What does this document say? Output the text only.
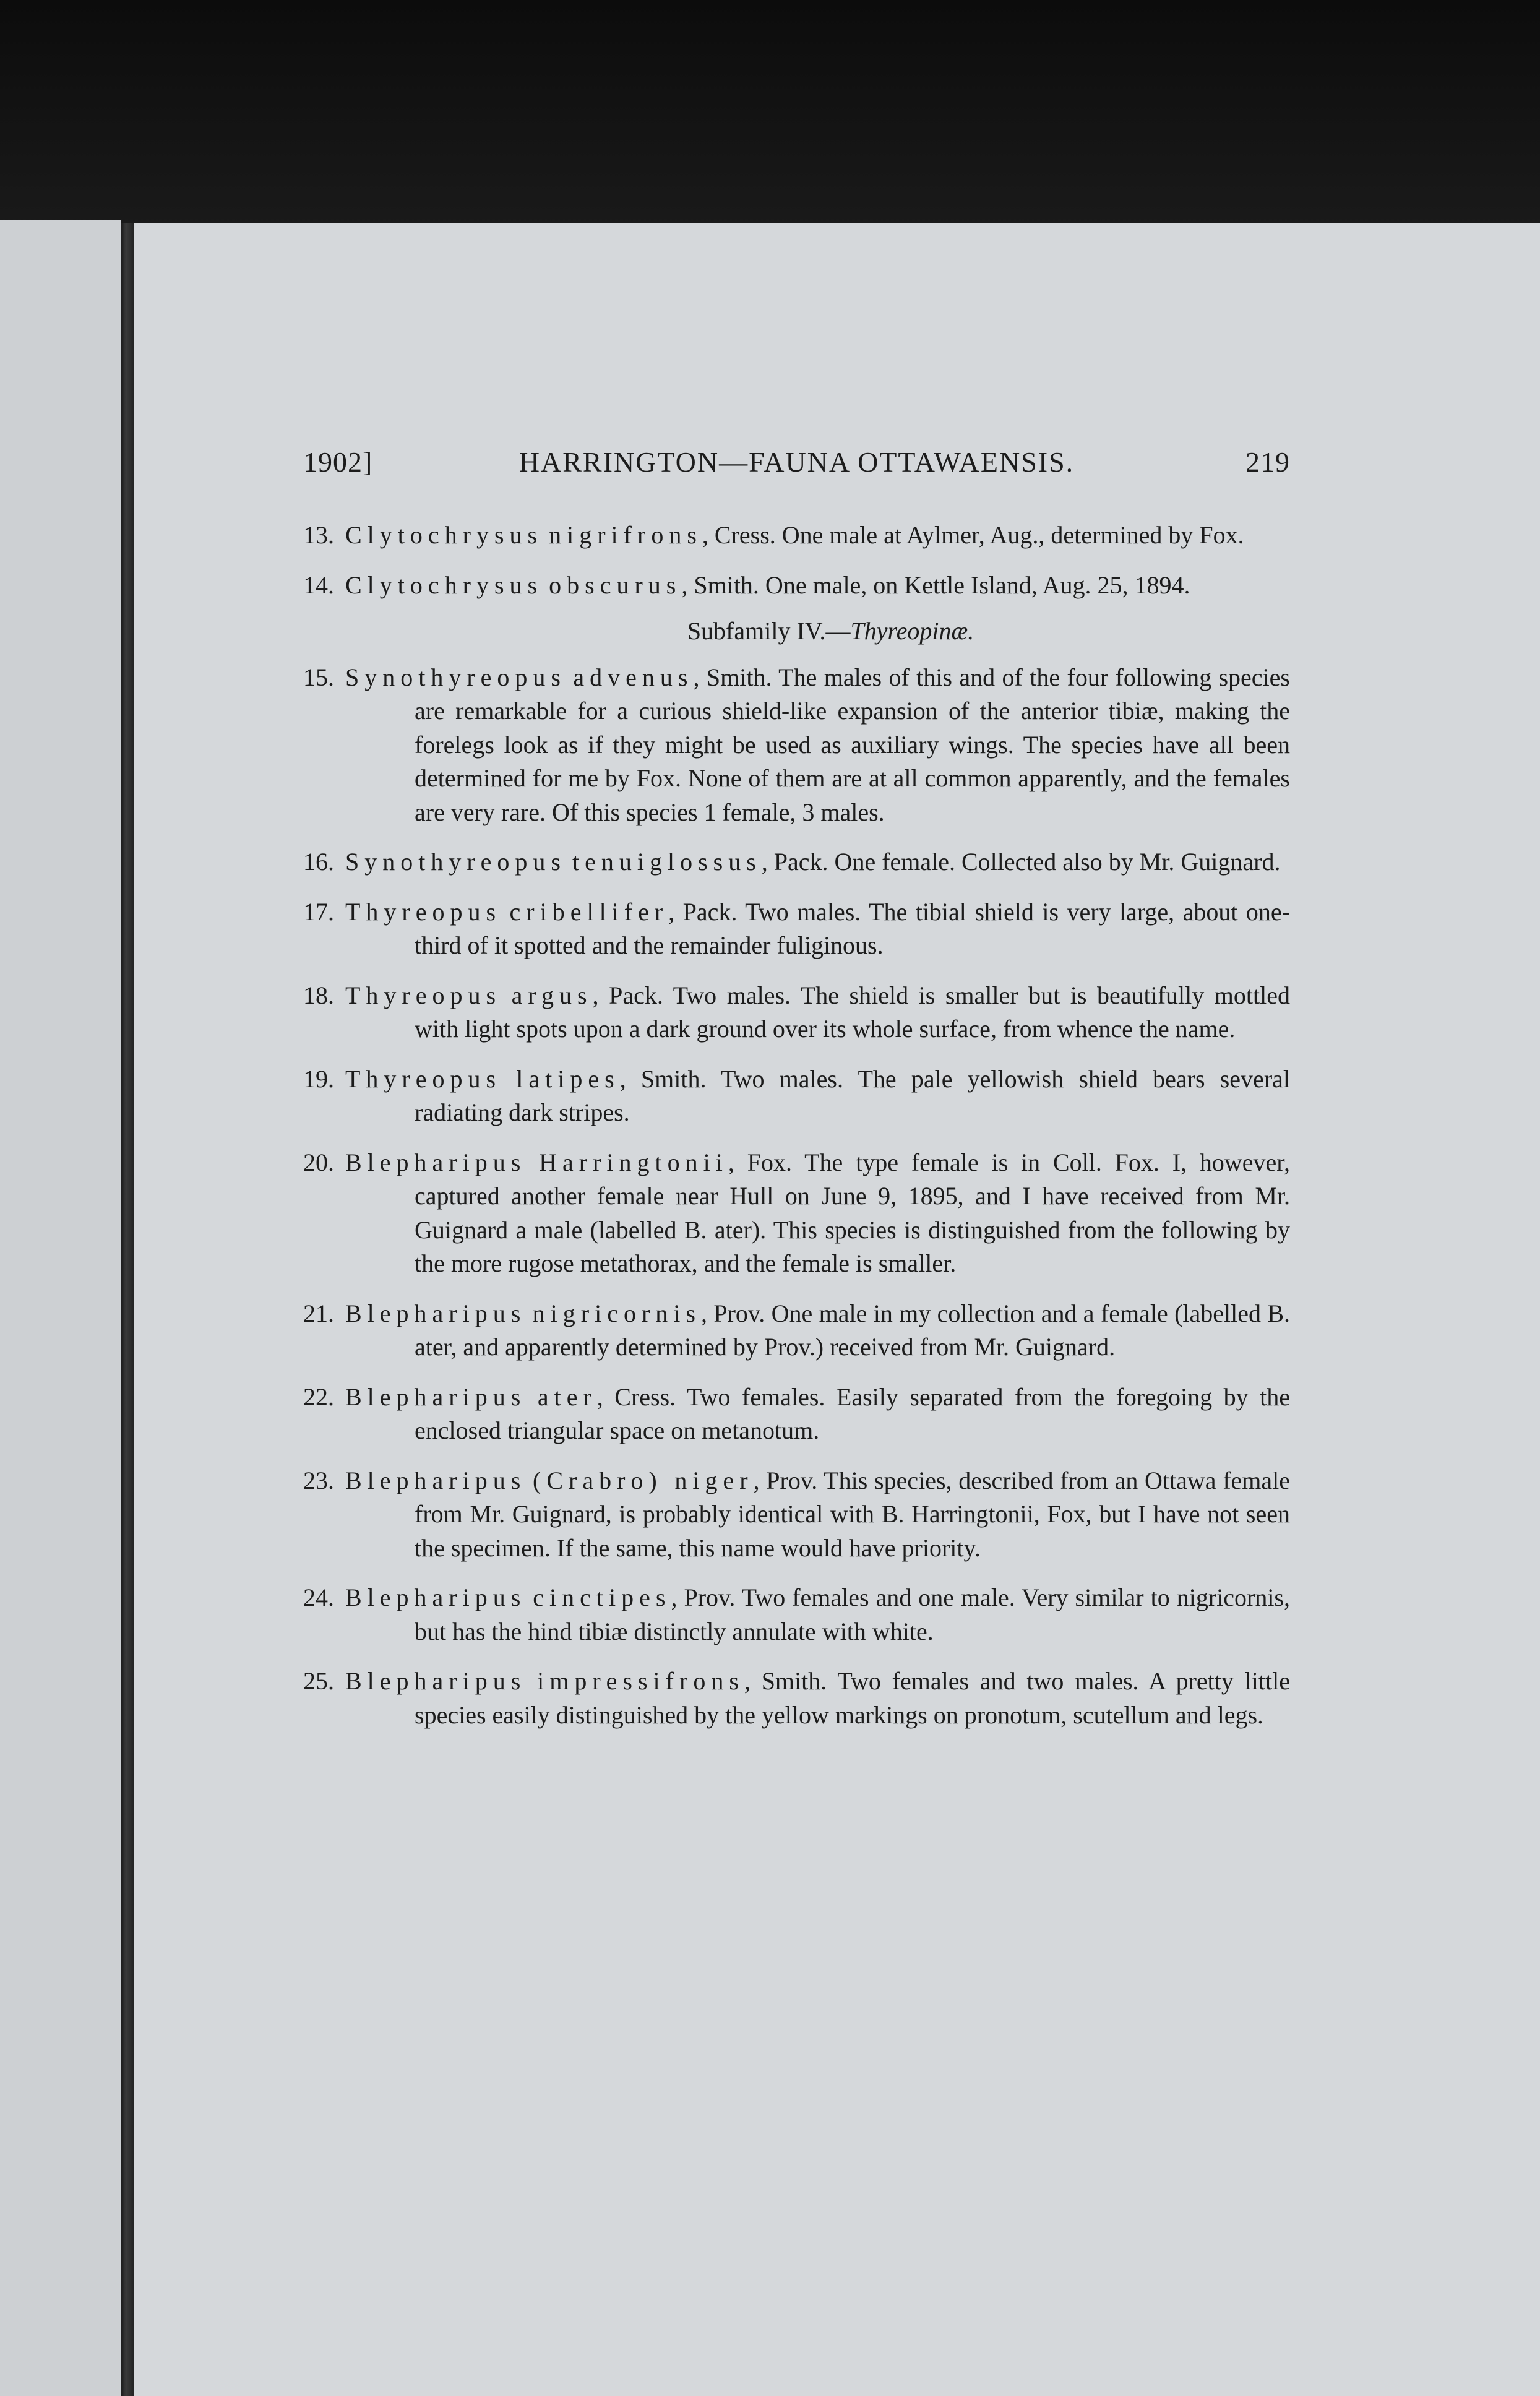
1902]	HARRINGTON—FAUNA OTTAWAENSIS.	219
13. Clytochrysus nigrifrons, Cress. One male at Aylmer, Aug., determined by Fox.
14. Clytochrysus obscurus, Smith. One male, on Kettle Island, Aug. 25, 1894.
Subfamily IV.—Thyreopinæ.
15. Synothyreopus advenus, Smith. The males of this and of the four following species are remarkable for a curious shield-like expansion of the anterior tibiæ, making the forelegs look as if they might be used as auxiliary wings. The species have all been determined for me by Fox. None of them are at all common apparently, and the females are very rare. Of this species 1 female, 3 males.
16. Synothyreopus tenuiglossus, Pack. One female. Collected also by Mr. Guignard.
17. Thyreopus cribellifer, Pack. Two males. The tibial shield is very large, about one-third of it spotted and the remainder fuliginous.
18. Thyreopus argus, Pack. Two males. The shield is smaller but is beautifully mottled with light spots upon a dark ground over its whole surface, from whence the name.
19. Thyreopus latipes, Smith. Two males. The pale yellowish shield bears several radiating dark stripes.
20. Blepharipus Harringtonii, Fox. The type female is in Coll. Fox. I, however, captured another female near Hull on June 9, 1895, and I have received from Mr. Guignard a male (labelled B. ater). This species is distinguished from the following by the more rugose metathorax, and the female is smaller.
21. Blepharipus nigricornis, Prov. One male in my collection and a female (labelled B. ater, and apparently determined by Prov.) received from Mr. Guignard.
22. Blepharipus ater, Cress. Two females. Easily separated from the foregoing by the enclosed triangular space on metanotum.
23. Blepharipus (Crabro) niger, Prov. This species, described from an Ottawa female from Mr. Guignard, is probably identical with B. Harringtonii, Fox, but I have not seen the specimen. If the same, this name would have priority.
24. Blepharipus cinctipes, Prov. Two females and one male. Very similar to nigricornis, but has the hind tibiæ distinctly annulate with white.
25. Blepharipus impressifrons, Smith. Two females and two males. A pretty little species easily distinguished by the yellow markings on pronotum, scutellum and legs.
